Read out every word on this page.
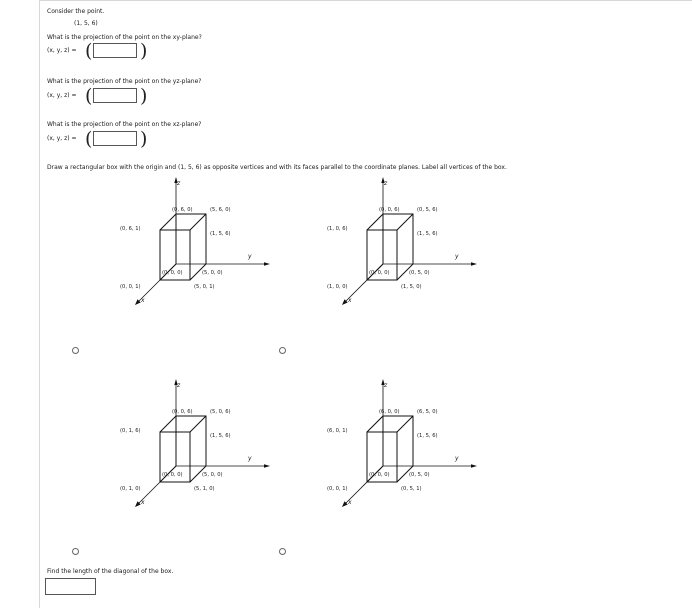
Consider the point.
(1, 5, 6)
What is the projection of the point on the xy-plane?
(x, y, z) = (	)
What is the projection of the point on the yz-plane?
(x, y, z) = (	)
What is the projection of the point on the xz-plane?
(x, y, z) = (	)
Draw a rectangular box with the origin and (1, 5, 6) as opposite vertices and with its faces parallel to the coordinate planes. Label all vertices of the box.
z
y
x
(0, 6, 0)	(5, 6, 0)
(0, 6, 1)
(1, 5, 6)
(0, 0, 0)	(5, 0, 0)
(0, 0, 1)	(5, 0, 1)
z
y
x
(0, 0, 6)	(0, 5, 6)
(1, 0, 6)
(1, 5, 6)
(0, 0, 0)	(0, 5, 0)
(1, 0, 0)	(1, 5, 0)
z
y
x
(0, 0, 6)	(5, 0, 6)
(0, 1, 6)
(1, 5, 6)
(0, 0, 0)	(5, 0, 0)
(0, 1, 0)	(5, 1, 0)
z
y
x
(6, 0, 0)	(6, 5, 0)
(6, 0, 1)
(1, 5, 6)
(0, 0, 0)	(0, 5, 0)
(0, 0, 1)	(0, 5, 1)
Find the length of the diagonal of the box.
